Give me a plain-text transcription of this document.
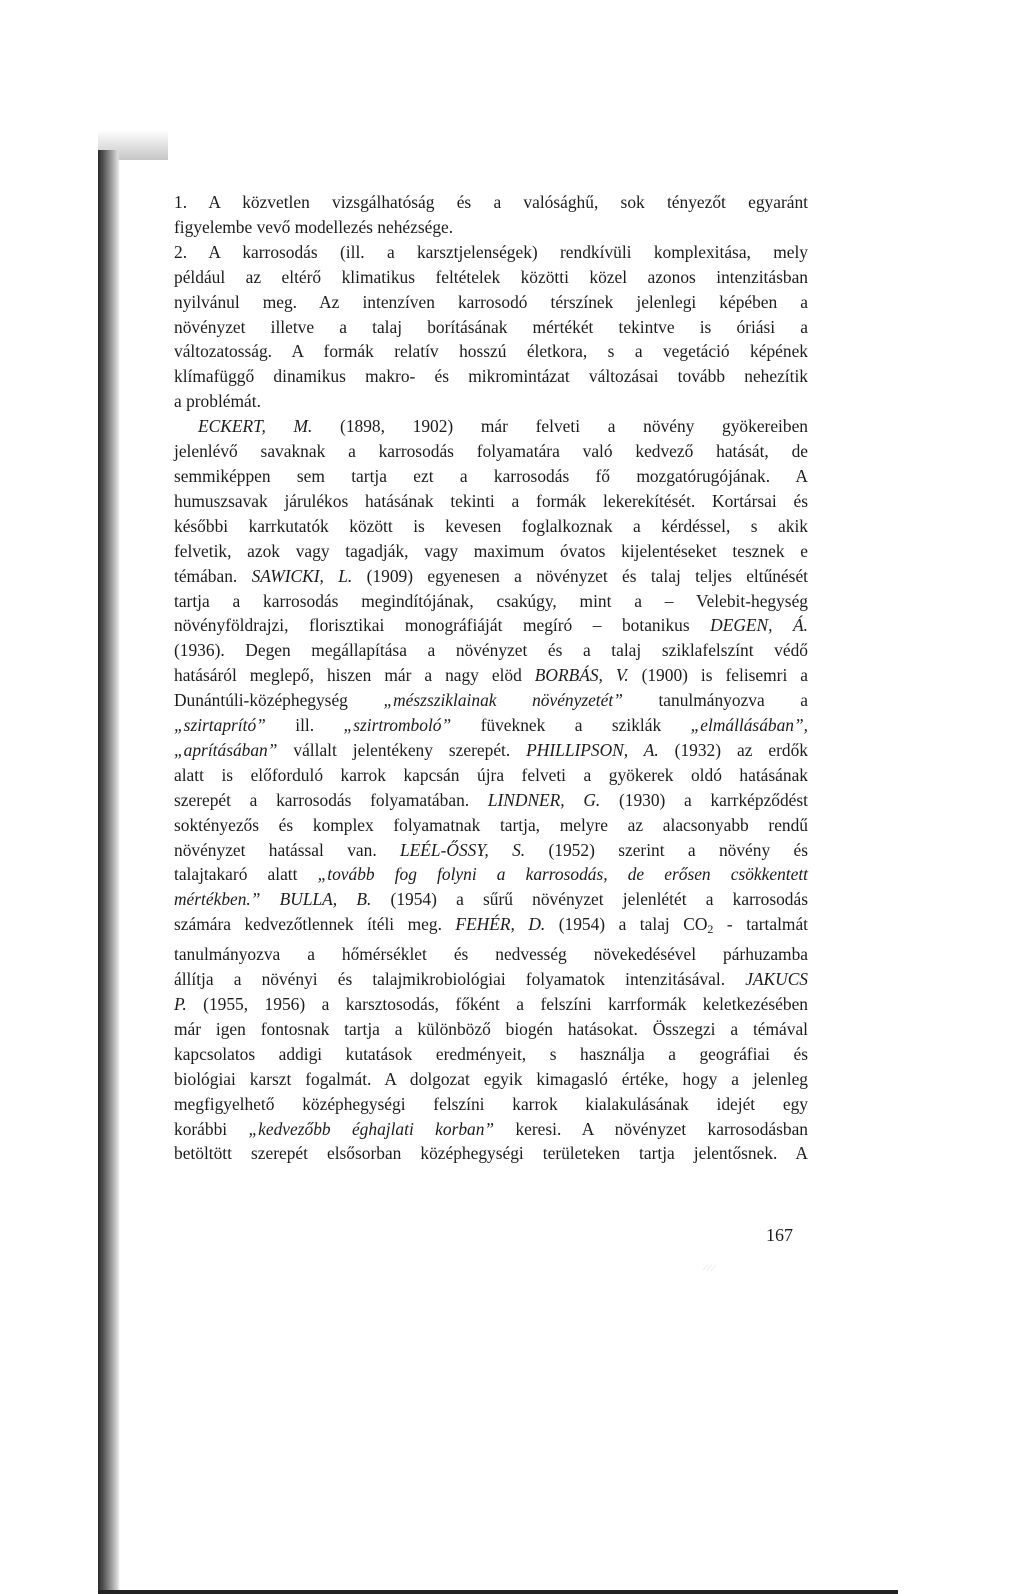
1. A közvetlen vizsgálhatóság és a valósághű, sok tényezőt egyaránt
figyelembe vevő modellezés nehézsége.
2. A karrosodás (ill. a karsztjelenségek) rendkívüli komplexitása, mely
például az eltérő klimatikus feltételek közötti közel azonos intenzitásban
nyilvánul meg. Az intenzíven karrosodó térszínek jelenlegi képében a
növényzet illetve a talaj borításának mértékét tekintve is óriási a
változatosság. A formák relatív hosszú életkora, s a vegetáció képének
klímafüggő dinamikus makro- és mikromintázat változásai tovább nehezítik
a problémát.
ECKERT, M. (1898, 1902) már felveti a növény gyökereiben
jelenlévő savaknak a karrosodás folyamatára való kedvező hatását, de
semmiképpen sem tartja ezt a karrosodás fő mozgatórugójának. A
humuszsavak járulékos hatásának tekinti a formák lekerekítését. Kortársai és
későbbi karrkutatók között is kevesen foglalkoznak a kérdéssel, s akik
felvetik, azok vagy tagadják, vagy maximum óvatos kijelentéseket tesznek e
témában. SAWICKI, L. (1909) egyenesen a növényzet és talaj teljes eltűnését
tartja a karrosodás megindítójának, csakúgy, mint a – Velebit-hegység
növényföldrajzi, florisztikai monográfiáját megíró – botanikus DEGEN, Á.
(1936). Degen megállapítása a növényzet és a talaj sziklafelszínt védő
hatásáról meglepő, hiszen már a nagy elöd BORBÁS, V. (1900) is felisemri a
Dunántúli-középhegység „mészsziklainak növényzetét” tanulmányozva a
„szirtaprító” ill. „szirtromboló” füveknek a sziklák „elmállásában”,
„aprításában” vállalt jelentékeny szerepét. PHILLIPSON, A. (1932) az erdők
alatt is előforduló karrok kapcsán újra felveti a gyökerek oldó hatásának
szerepét a karrosodás folyamatában. LINDNER, G. (1930) a karrképződést
soktényezős és komplex folyamatnak tartja, melyre az alacsonyabb rendű
növényzet hatással van. LEÉL-ŐSSY, S. (1952) szerint a növény és
talajtakaró alatt „tovább fog folyni a karrosodás, de erősen csökkentett
mértékben.” BULLA, B. (1954) a sűrű növényzet jelenlétét a karrosodás
számára kedvezőtlennek ítéli meg. FEHÉR, D. (1954) a talaj $CO_2$ - tartalmát
tanulmányozva a hőmérséklet és nedvesség növekedésével párhuzamba
állítja a növényi és talajmikrobiológiai folyamatok intenzitásával. JAKUCS
P. (1955, 1956) a karsztosodás, főként a felszíni karrformák keletkezésében
már igen fontosnak tartja a különböző biogén hatásokat. Összegzi a témával
kapcsolatos addigi kutatások eredményeit, s használja a geográfiai és
biológiai karszt fogalmát. A dolgozat egyik kimagasló értéke, hogy a jelenleg
megfigyelhető középhegységi felszíni karrok kialakulásának idejét egy
korábbi „kedvezőbb éghajlati korban” keresi. A növényzet karrosodásban
betöltött szerepét elsősorban középhegységi területeken tartja jelentősnek. A
167
